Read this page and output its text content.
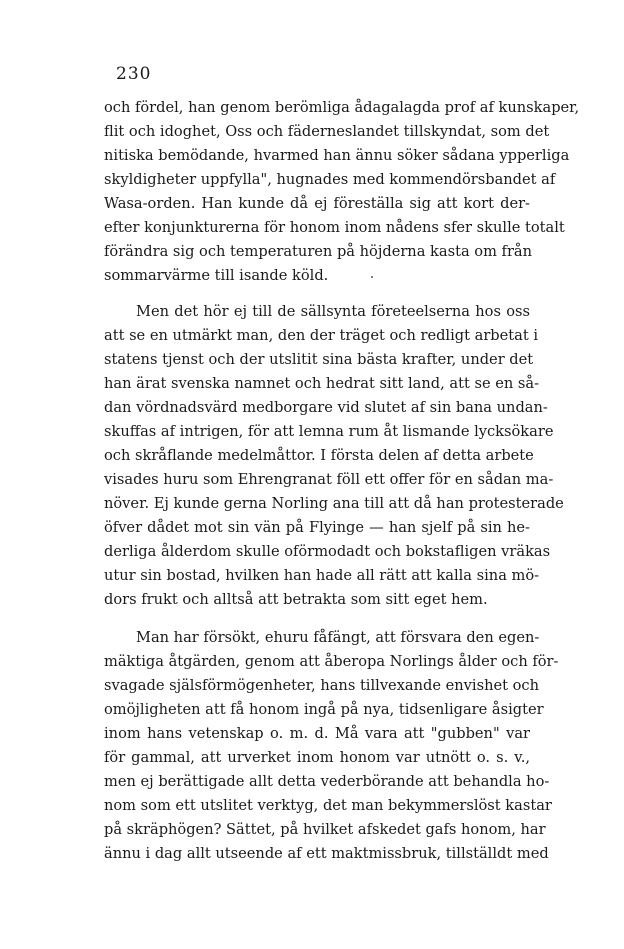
230
och fördel, han genom berömliga ådagalagda prof af kunskaper,
flit och idoghet, Oss och fäderneslandet tillskyndat, som det
nitiska bemödande, hvarmed han ännu söker sådana ypperliga
skyldigheter uppfylla", hugnades med kommendörsbandet af
Wasa-orden. Han kunde då ej föreställa sig att kort der-
efter konjunkturerna för honom inom nådens sfer skulle totalt
förändra sig och temperaturen på höjderna kasta om från
sommarvärme till isande köld.
Men det hör ej till de sällsynta företeelserna hos oss
att se en utmärkt man, den der träget och redligt arbetat i
statens tjenst och der utslitit sina bästa krafter, under det
han ärat svenska namnet och hedrat sitt land, att se en så-
dan vördnadsvärd medborgare vid slutet af sin bana undan-
skuffas af intrigen, för att lemna rum åt lismande lycksökare
och skråflande medelmåttor. I första delen af detta arbete
visades huru som Ehrengranat föll ett offer för en sådan ma-
növer. Ej kunde gerna Norling ana till att då han protesterade
öfver dådet mot sin vän på Flyinge — han sjelf på sin he-
derliga ålderdom skulle oförmodadt och bokstafligen vräkas
utur sin bostad, hvilken han hade all rätt att kalla sina mö-
dors frukt och alltså att betrakta som sitt eget hem.
Man har försökt, ehuru fåfängt, att försvara den egen-
mäktiga åtgärden, genom att åberopa Norlings ålder och för-
svagade själsförmögenheter, hans tillvexande envishet och
omöjligheten att få honom ingå på nya, tidsenligare åsigter
inom hans vetenskap o. m. d. Må vara att "gubben" var
för gammal, att urverket inom honom var utnött o. s. v.,
men ej berättigade allt detta vederbörande att behandla ho-
nom som ett utslitet verktyg, det man bekymmerslöst kastar
på skräphögen? Sättet, på hvilket afskedet gafs honom, har
ännu i dag allt utseende af ett maktmissbruk, tillställdt med
